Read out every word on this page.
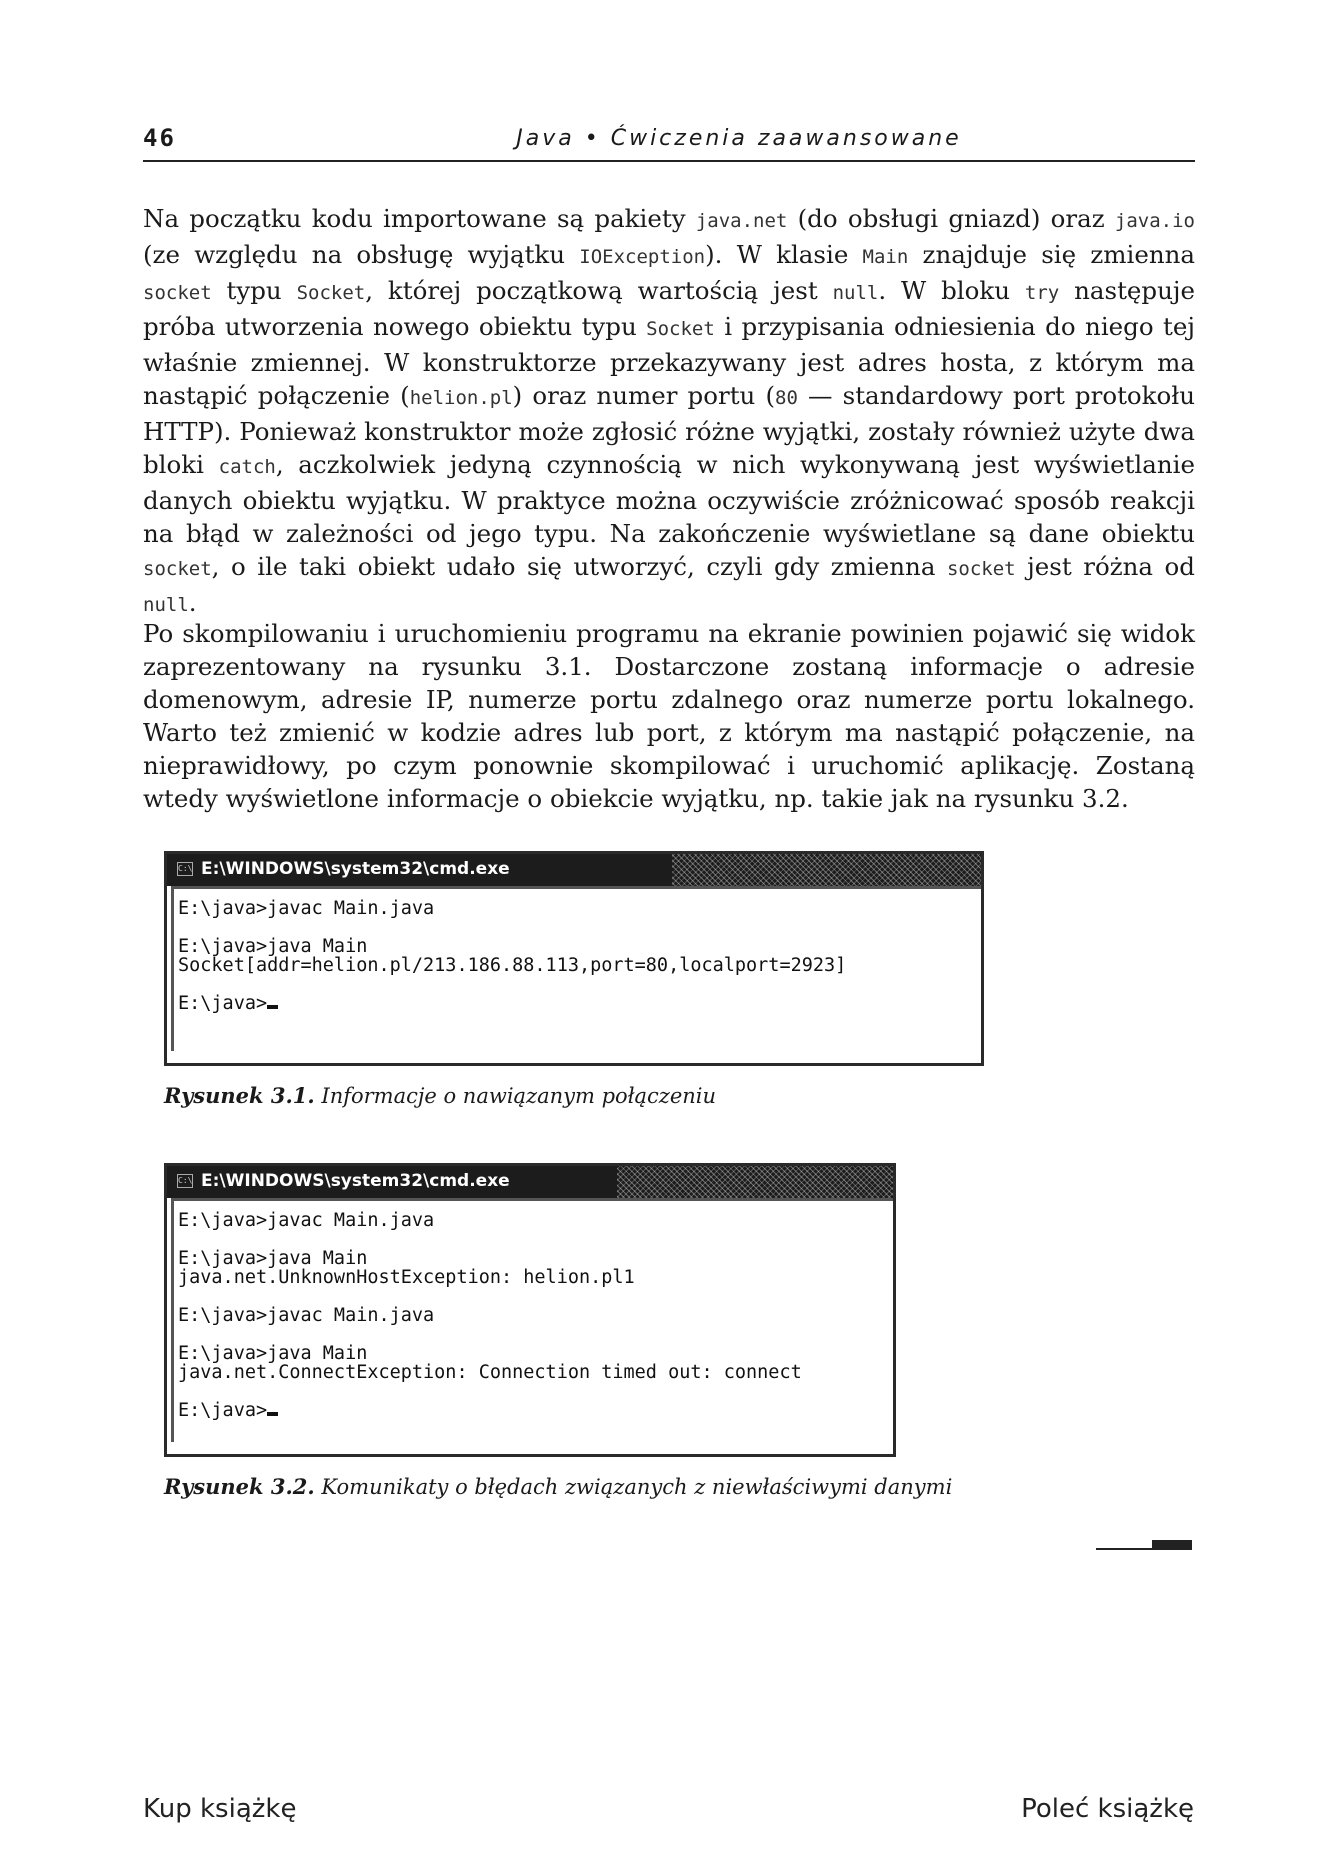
46	Java • Ćwiczenia zaawansowane

Na początku kodu importowane są pakiety java.net (do obsługi gniazd) oraz java.io (ze względu na obsługę wyjątku IOException). W klasie Main znajduje się zmienna socket typu Socket, której początkową wartością jest null. W bloku try następuje próba utworzenia nowego obiektu typu Socket i przypisania odniesienia do niego tej właśnie zmiennej. W konstruktorze przekazywany jest adres hosta, z którym ma nastąpić połączenie (helion.pl) oraz numer portu (80 — standardowy port protokołu HTTP). Ponieważ konstruktor może zgłosić różne wyjątki, zostały również użyte dwa bloki catch, aczkolwiek jedyną czynnością w nich wykonywaną jest wyświetlanie danych obiektu wyjątku. W praktyce można oczywiście zróżnicować sposób reakcji na błąd w zależności od jego typu. Na zakończenie wyświetlane są dane obiektu socket, o ile taki obiekt udało się utworzyć, czyli gdy zmienna socket jest różna od null.

Po skompilowaniu i uruchomieniu programu na ekranie powinien pojawić się widok zaprezentowany na rysunku 3.1. Dostarczone zostaną informacje o adresie domenowym, adresie IP, numerze portu zdalnego oraz numerze portu lokalnego. Warto też zmienić w kodzie adres lub port, z którym ma nastąpić połączenie, na nieprawidłowy, po czym ponownie skompilować i uruchomić aplikację. Zostaną wtedy wyświetlone informacje o obiekcie wyjątku, np. takie jak na rysunku 3.2.

C:\ E:\WINDOWS\system32\cmd.exe
E:\java>javac Main.java
E:\java>java Main
Socket[addr=helion.pl/213.186.88.113,port=80,localport=2923]
E:\java>
Rysunek 3.1. Informacje o nawiązanym połączeniu
C:\ E:\WINDOWS\system32\cmd.exe
E:\java>javac Main.java
E:\java>java Main
java.net.UnknownHostException: helion.pl1
E:\java>javac Main.java
E:\java>java Main
java.net.ConnectException: Connection timed out: connect
E:\java>
Rysunek 3.2. Komunikaty o błędach związanych z niewłaściwymi danymi
Kup książkę	Poleć książkę
